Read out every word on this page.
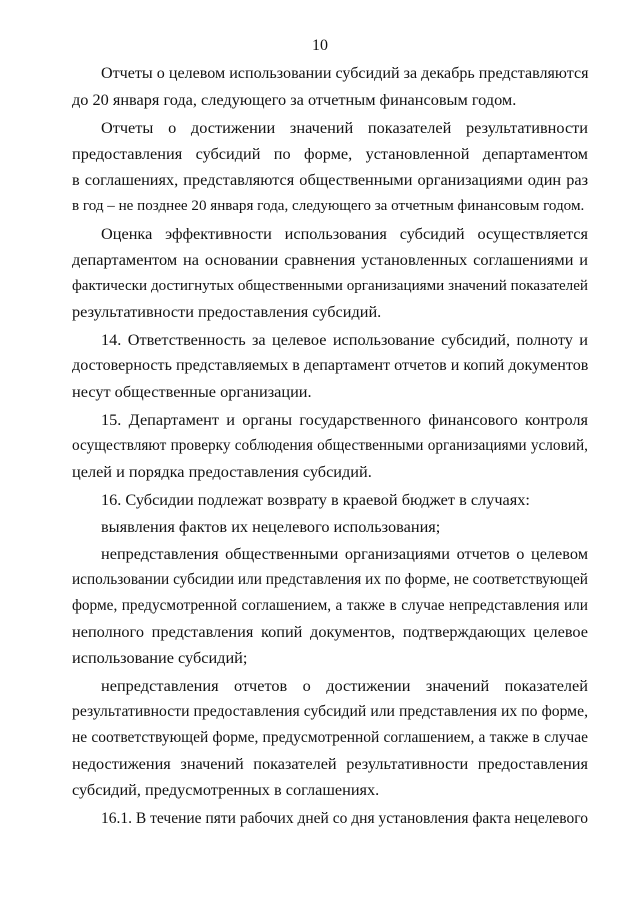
10
Отчеты о целевом использовании субсидий за декабрь представляются
до 20 января года, следующего за отчетным финансовым годом.
Отчеты о достижении значений показателей результативности
предоставления субсидий по форме, установленной департаментом
в соглашениях, представляются общественными организациями один раз
в год – не позднее 20 января года, следующего за отчетным финансовым годом.
Оценка эффективности использования субсидий осуществляется
департаментом на основании сравнения установленных соглашениями и
фактически достигнутых общественными организациями значений показателей
результативности предоставления субсидий.
14. Ответственность за целевое использование субсидий, полноту и
достоверность представляемых в департамент отчетов и копий документов
несут общественные организации.
15. Департамент и органы государственного финансового контроля
осуществляют проверку соблюдения общественными организациями условий,
целей и порядка предоставления субсидий.
16. Субсидии подлежат возврату в краевой бюджет в случаях:
выявления фактов их нецелевого использования;
непредставления общественными организациями отчетов о целевом
использовании субсидии или представления их по форме, не соответствующей
форме, предусмотренной соглашением, а также в случае непредставления или
неполного представления копий документов, подтверждающих целевое
использование субсидий;
непредставления отчетов о достижении значений показателей
результативности предоставления субсидий или представления их по форме,
не соответствующей форме, предусмотренной соглашением, а также в случае
недостижения значений показателей результативности предоставления
субсидий, предусмотренных в соглашениях.
16.1. В течение пяти рабочих дней со дня установления факта нецелевого
